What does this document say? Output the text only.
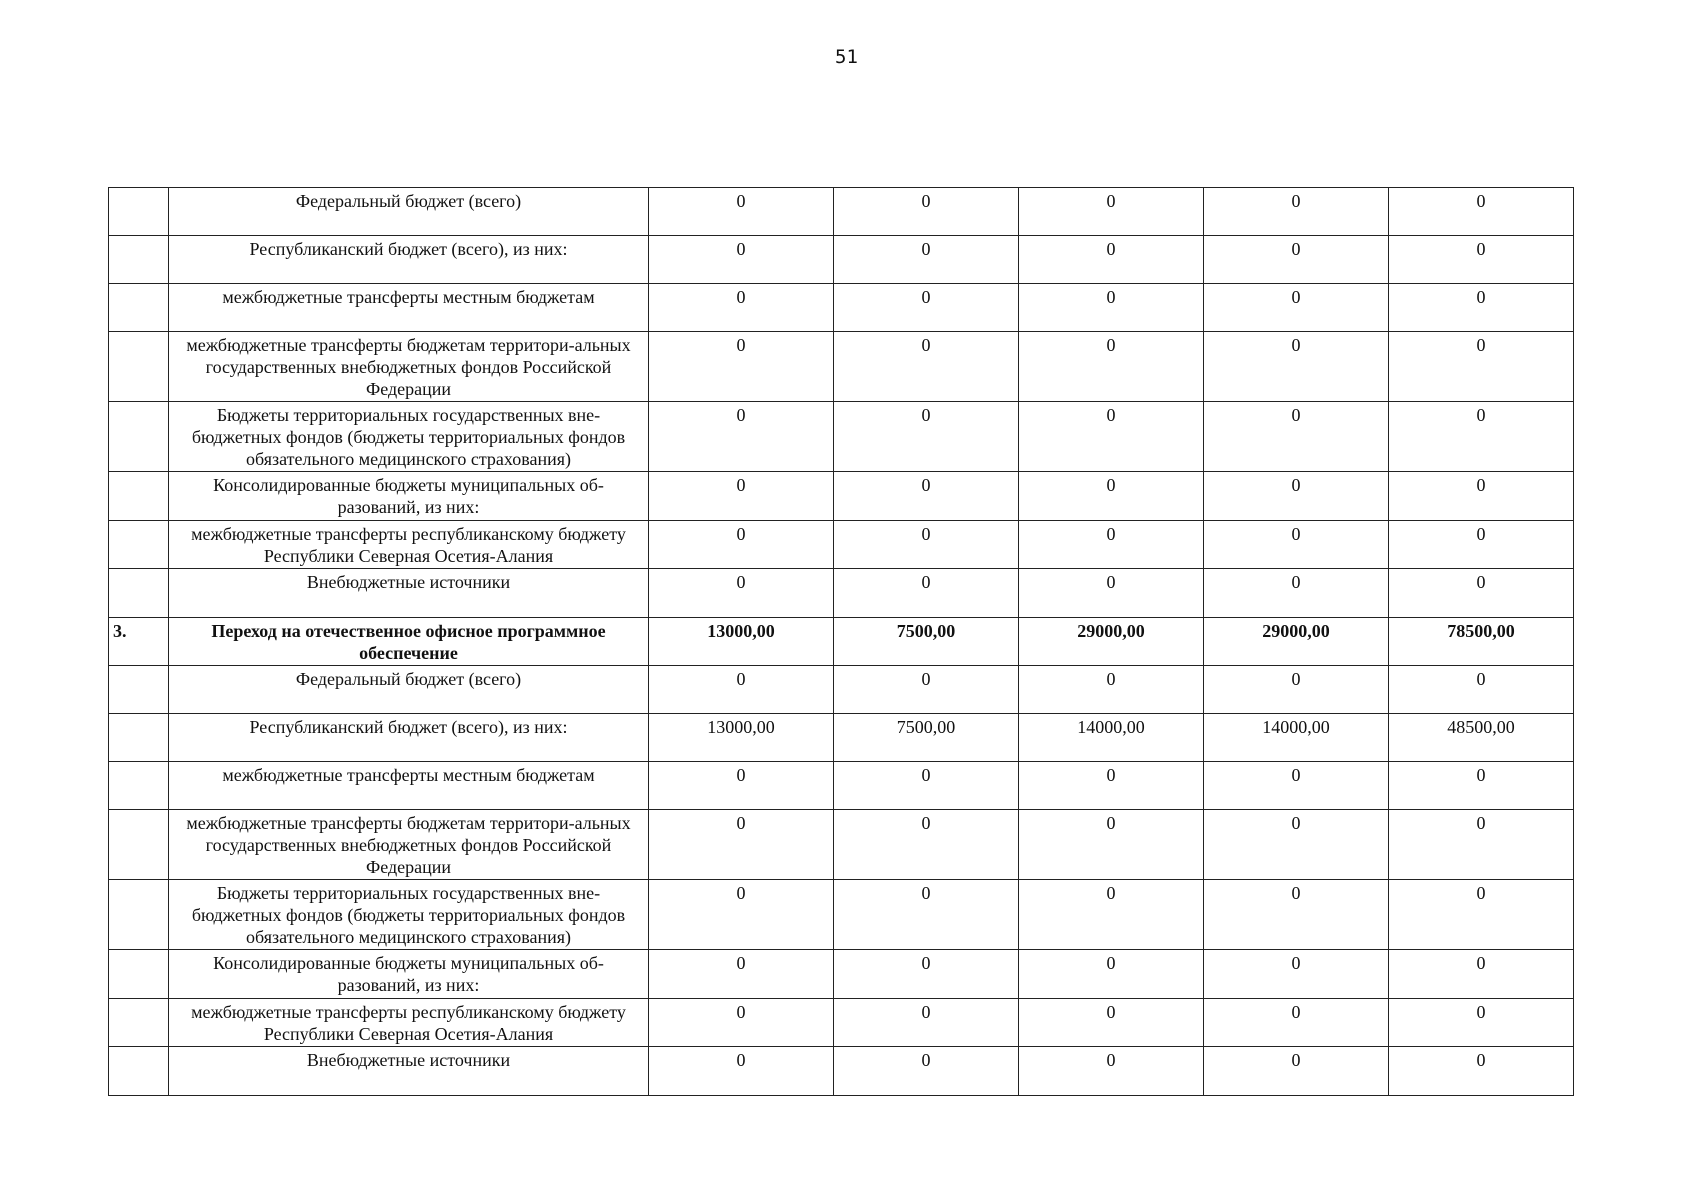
51
	Федеральный бюджет (всего)	0	0	0	0	0
	Республиканский бюджет (всего), из них:	0	0	0	0	0
	межбюджетные трансферты местным бюджетам	0	0	0	0	0
	межбюджетные трансферты бюджетам территори-альных государственных внебюджетных фондов Российской Федерации	0	0	0	0	0
	Бюджеты территориальных государственных вне-бюджетных фондов (бюджеты территориальных фондов обязательного медицинского страхования)	0	0	0	0	0
	Консолидированные бюджеты муниципальных об-разований, из них:	0	0	0	0	0
	межбюджетные трансферты республиканскому бюджету Республики Северная Осетия-Алания	0	0	0	0	0
	Внебюджетные источники	0	0	0	0	0
3.	Переход на отечественное офисное программное обеспечение	13000,00	7500,00	29000,00	29000,00	78500,00
	Федеральный бюджет (всего)	0	0	0	0	0
	Республиканский бюджет (всего), из них:	13000,00	7500,00	14000,00	14000,00	48500,00
	межбюджетные трансферты местным бюджетам	0	0	0	0	0
	межбюджетные трансферты бюджетам территори-альных государственных внебюджетных фондов Российской Федерации	0	0	0	0	0
	Бюджеты территориальных государственных вне-бюджетных фондов (бюджеты территориальных фондов обязательного медицинского страхования)	0	0	0	0	0
	Консолидированные бюджеты муниципальных об-разований, из них:	0	0	0	0	0
	межбюджетные трансферты республиканскому бюджету Республики Северная Осетия-Алания	0	0	0	0	0
	Внебюджетные источники	0	0	0	0	0
